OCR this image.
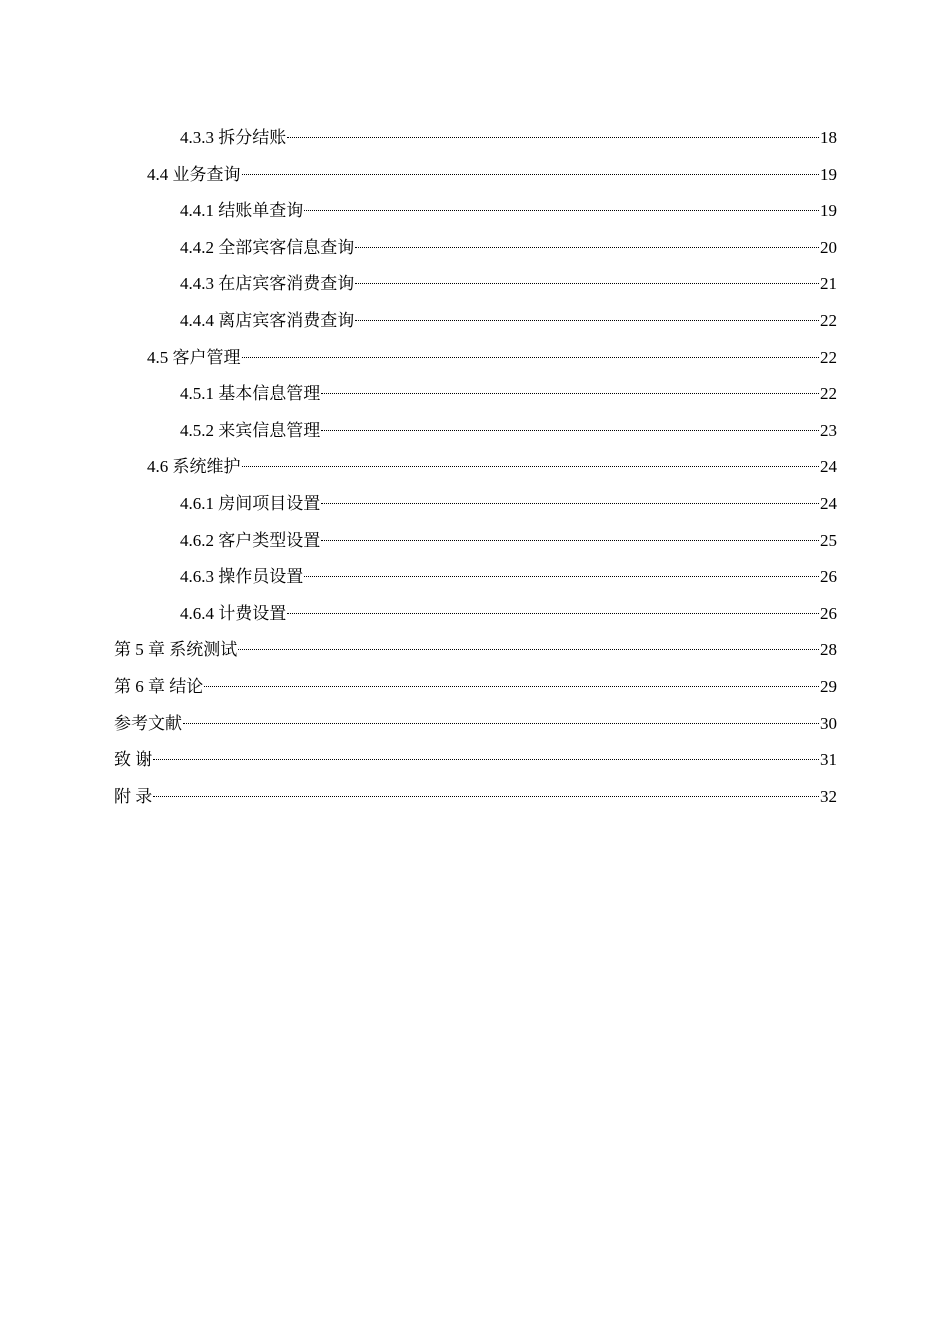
4.3.3 拆分结账	18
4.4 业务查询	19
4.4.1 结账单查询	19
4.4.2 全部宾客信息查询	20
4.4.3 在店宾客消费查询	21
4.4.4 离店宾客消费查询	22
4.5 客户管理	22
4.5.1 基本信息管理	22
4.5.2 来宾信息管理	23
4.6 系统维护	24
4.6.1 房间项目设置	24
4.6.2 客户类型设置	25
4.6.3 操作员设置	26
4.6.4 计费设置	26
第 5 章 系统测试	28
第 6 章 结论	29
参考文献	30
致 谢	31
附 录	32
